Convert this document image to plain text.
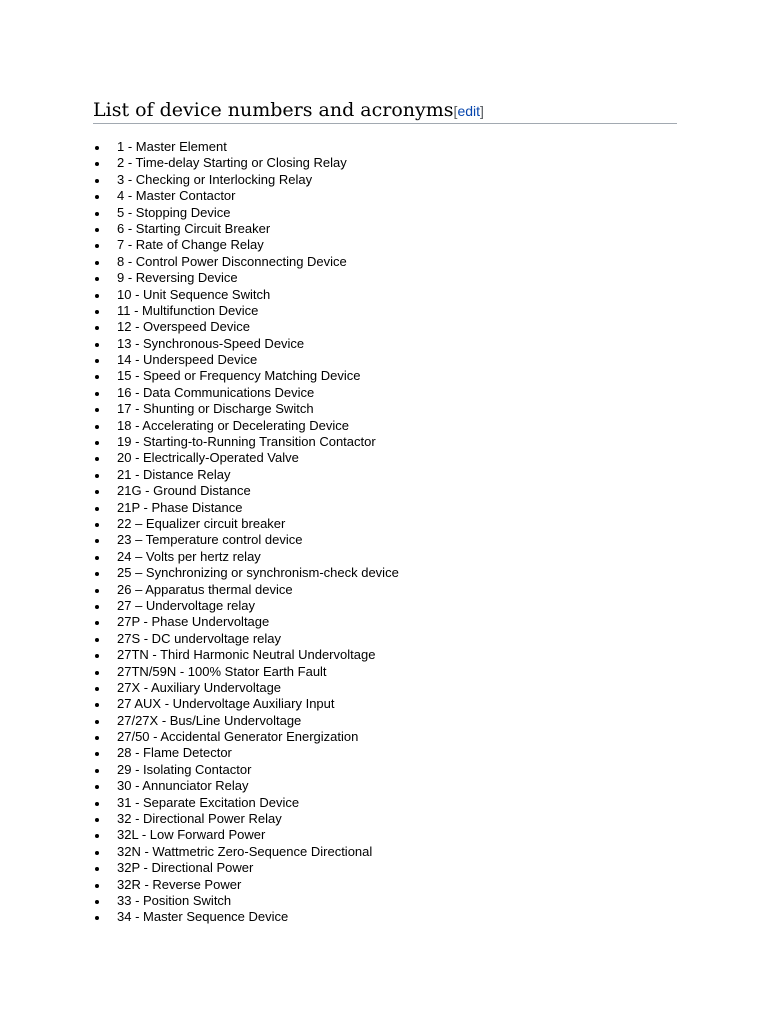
List of device numbers and acronyms[edit]
1 - Master Element
2 - Time-delay Starting or Closing Relay
3 - Checking or Interlocking Relay
4 - Master Contactor
5 - Stopping Device
6 - Starting Circuit Breaker
7 - Rate of Change Relay
8 - Control Power Disconnecting Device
9 - Reversing Device
10 - Unit Sequence Switch
11 - Multifunction Device
12 - Overspeed Device
13 - Synchronous-Speed Device
14 - Underspeed Device
15 - Speed or Frequency Matching Device
16 - Data Communications Device
17 - Shunting or Discharge Switch
18 - Accelerating or Decelerating Device
19 - Starting-to-Running Transition Contactor
20 - Electrically-Operated Valve
21 - Distance Relay
21G - Ground Distance
21P - Phase Distance
22 – Equalizer circuit breaker
23 – Temperature control device
24 – Volts per hertz relay
25 – Synchronizing or synchronism-check device
26 – Apparatus thermal device
27 – Undervoltage relay
27P - Phase Undervoltage
27S - DC undervoltage relay
27TN - Third Harmonic Neutral Undervoltage
27TN/59N - 100% Stator Earth Fault
27X - Auxiliary Undervoltage
27 AUX - Undervoltage Auxiliary Input
27/27X - Bus/Line Undervoltage
27/50 - Accidental Generator Energization
28 - Flame Detector
29 - Isolating Contactor
30 - Annunciator Relay
31 - Separate Excitation Device
32 - Directional Power Relay
32L - Low Forward Power
32N - Wattmetric Zero-Sequence Directional
32P - Directional Power
32R - Reverse Power
33 - Position Switch
34 - Master Sequence Device
